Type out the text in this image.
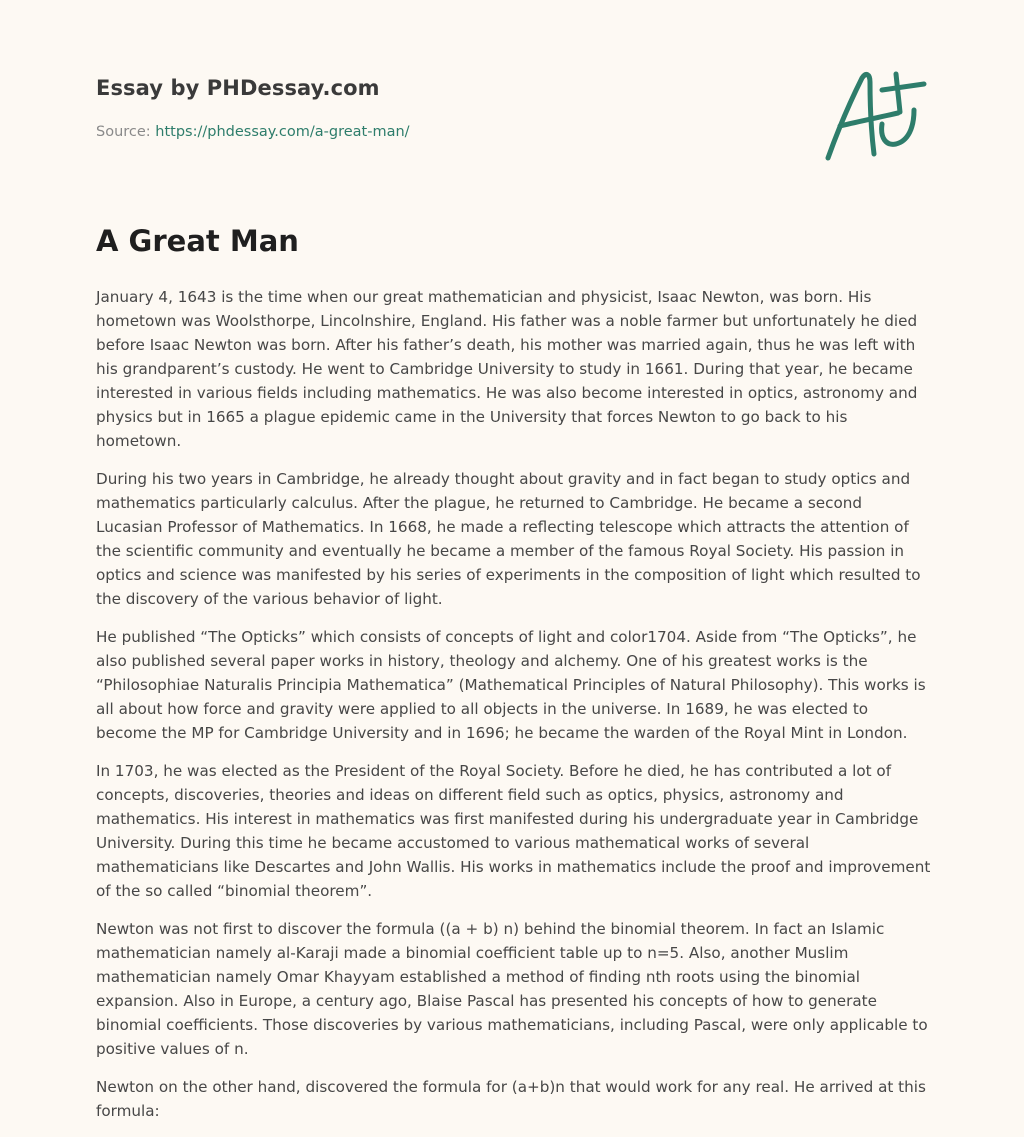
Essay by PHDessay.com
Source: https://phdessay.com/a-great-man/
A Great Man

January 4, 1643 is the time when our great mathematician and physicist, Isaac Newton, was born. His hometown was Woolsthorpe, Lincolnshire, England. His father was a noble farmer but unfortunately he died before Isaac Newton was born. After his father’s death, his mother was married again, thus he was left with his grandparent’s custody. He went to Cambridge University to study in 1661. During that year, he became interested in various fields including mathematics. He was also become interested in optics, astronomy and physics but in 1665 a plague epidemic came in the University that forces Newton to go back to his hometown.

During his two years in Cambridge, he already thought about gravity and in fact began to study optics and mathematics particularly calculus. After the plague, he returned to Cambridge. He became a second Lucasian Professor of Mathematics. In 1668, he made a reflecting telescope which attracts the attention of the scientific community and eventually he became a member of the famous Royal Society. His passion in optics and science was manifested by his series of experiments in the composition of light which resulted to the discovery of the various behavior of light.

He published “The Opticks” which consists of concepts of light and color1704. Aside from “The Opticks”, he also published several paper works in history, theology and alchemy. One of his greatest works is the “Philosophiae Naturalis Principia Mathematica” (Mathematical Principles of Natural Philosophy). This works is all about how force and gravity were applied to all objects in the universe. In 1689, he was elected to become the MP for Cambridge University and in 1696; he became the warden of the Royal Mint in London.

In 1703, he was elected as the President of the Royal Society. Before he died, he has contributed a lot of concepts, discoveries, theories and ideas on different field such as optics, physics, astronomy and mathematics. His interest in mathematics was first manifested during his undergraduate year in Cambridge University. During this time he became accustomed to various mathematical works of several mathematicians like Descartes and John Wallis. His works in mathematics include the proof and improvement of the so called “binomial theorem”.

Newton was not first to discover the formula ((a + b) n) behind the binomial theorem. In fact an Islamic mathematician namely al-Karaji made a binomial coefficient table up to n=5. Also, another Muslim mathematician namely Omar Khayyam established a method of finding nth roots using the binomial expansion. Also in Europe, a century ago, Blaise Pascal has presented his concepts of how to generate binomial coefficients. Those discoveries by various mathematicians, including Pascal, were only applicable to positive values of n.

Newton on the other hand, discovered the formula for (a+b)n that would work for any real. He arrived at this formula:
